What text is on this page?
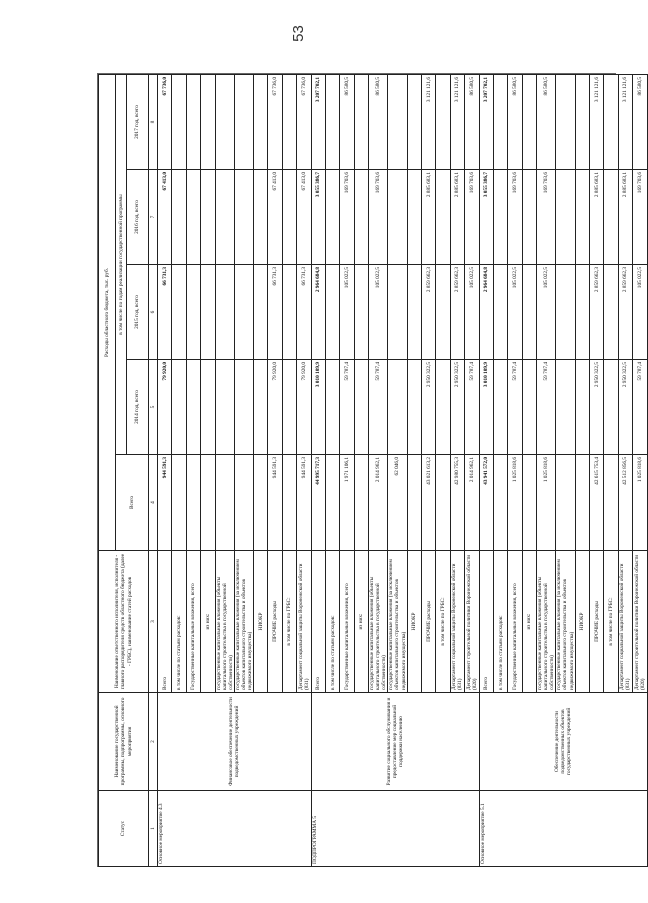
53
Статус	Наименование государственной программы, подпрограммы, основного мероприятия	Наименование ответственного исполнителя, исполнителя - главного распорядителя средств областного бюджета (далее - ГРБС), наименование статей расходов	Расходы областного бюджета, тыс. руб.				
			Всего	в том числе по годам реализации государственной программы			
				2014 год, всего	2015 год, всего	2016 год, всего	2017 год, всего
1	2	3	4	5	6	7	8
Основное мероприятие 4.3	Финансовое обеспечение деятельности подведомственных учреждений	Всего	944 591,3	79 920,0	66 731,3	67 413,0	67 736,0
		в том числе по статьям расходов:					
		Государственные капитальные вложения, всего					
		из них:					
		государственные капитальные вложения (объекты капитального строительства в государственной собственности)					
		государственные капитальные вложения (за исключением объектов капитального строительства и объектов недвижимого имущества)					
		НИОКР					
		ПРОЧИЕ расходы	944 591,3	79 920,0	66 731,3	67 413,0	67 736,0
		в том числе по ГРБС:					
		Департамент социальной защиты Воронежской области (831)	944 591,3	79 920,0	66 731,3	67 413,0	67 736,0
ПОДПРОГРАММА 5	Развитие социального обслуживания и предоставление мер социальной поддержки населению	Всего	44 995 717,3	3 010 109,9	2 964 684,8	3 055 386,7	3 207 702,1
		в том числе по статьям расходов:					
		Государственные капитальные вложения, всего	1 971 106,1	59 787,4	105 022,5	169 703,6	86 580,5
		из них:					
		государственные капитальные вложения (объекты капитального строительства в государственной собственности)	2 014 962,1	59 787,4	105 022,5	169 703,6	86 580,5
		государственные капитальные вложения (за исключением объектов капитального строительства и объектов недвижимого имущества)	62 046,0				
		НИОКР					
		ПРОЧИЕ расходы	43 021 613,2	2 950 322,5	2 859 662,3	2 885 683,1	3 121 121,6
		в том числе по ГРБС:					
		Департамент социальной защиты Воронежской области (831)	42 980 755,3	2 950 322,5	2 859 662,3	2 885 683,1	3 121 121,6
		Департамент строительной политики Воронежской области (820)	2 014 962,1	59 787,4	105 022,5	169 703,6	86 580,5
Основное мероприятие 5.1	Обеспечение деятельности подведомственных объектов государственных учреждений	Всего	43 941 572,0	3 010 109,9	2 964 684,8	3 055 386,7	3 207 702,1
		в том числе по статьям расходов:					
		Государственные капитальные вложения, всего	1 025 818,6	59 787,4	105 022,5	169 703,6	86 580,5
		из них:					
		государственные капитальные вложения (объекты капитального строительства в государственной собственности)	1 025 818,6	59 787,4	105 022,5	169 703,6	86 580,5
		государственные капитальные вложения (за исключением объектов капитального строительства и объектов недвижимого имущества)					
		НИОКР					
		ПРОЧИЕ расходы	42 615 753,4	2 950 322,5	2 859 662,3	2 885 683,1	3 121 121,6
		в том числе по ГРБС:					
		Департамент социальной защиты Воронежской области (831)	42 512 856,5	2 950 322,5	2 859 662,3	2 885 683,1	3 121 121,6
		Департамент строительной политики Воронежской области (820)	1 025 818,6	59 787,4	105 022,5	169 703,6	86 580,5
